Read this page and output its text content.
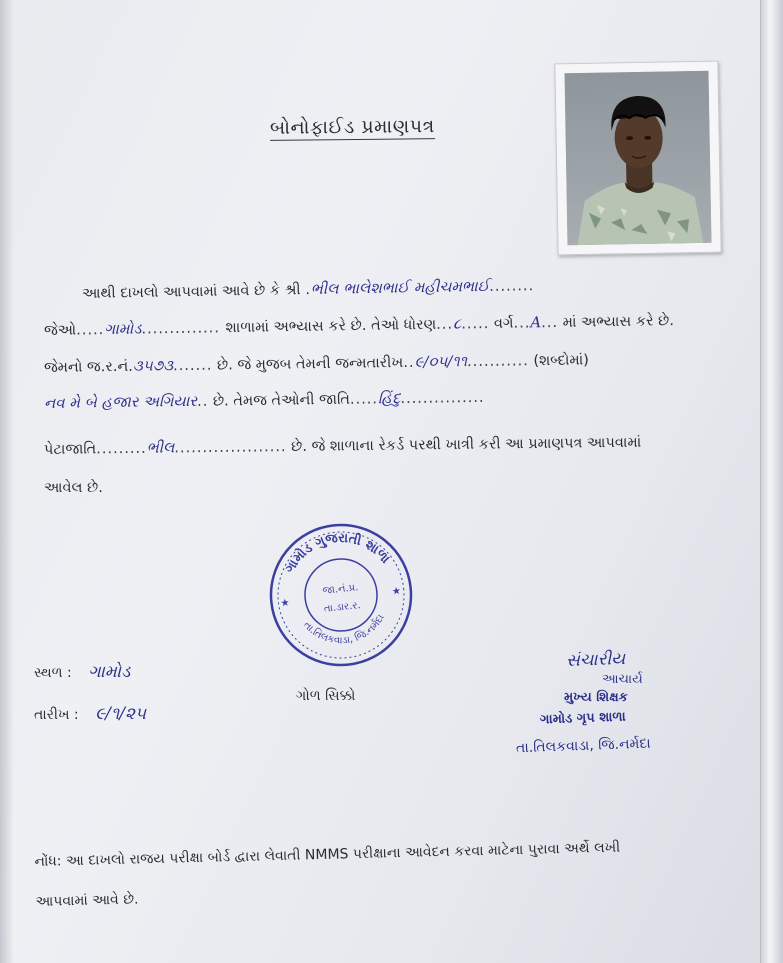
બોનોફાઈડ પ્રમાણપત્ર
આથી દાખલો આપવામાં આવે છે કે શ્રી .ભીલ ભાલેશભાઈ મહીચમભાઈ........
જેઓ.....ગામોડ.............. શાળામાં અભ્યાસ કરે છે. તેઓ ધોરણ...૮..... વર્ગ...A... માં અભ્યાસ કરે છે.
જેમનો જ.ર.નં.૩૫૭૩....... છે. જે મુજબ તેમની જન્મતારીખ..૯/૦૫/૧૧........... (શબ્દોમાં)
નવ મે બે હજાર અગિયાર.. છે. તેમજ તેઓની જાતિ.....હિંદુ...............
પેટાજાતિ.........ભીલ.................... છે. જે શાળાના રેકર્ડ પરથી ખાત્રી કરી આ પ્રમાણપત્ર આપવામાં
આવેલ છે.
ગામોડ ગુજરાતી શાળા
તા.તિલકવાડા, જિ.નર્મદા
જા.નં.પ્ર.
તા.ડાર.ર.
★
★
સ્થળ : ગામોડ
તારીખ : ૯/૧/૨૫
ગોળ સિક્કો
સંચારીય
આચાર્ય
મુખ્ય શિક્ષક
ગામોડ ગૃપ શાળા
તા.તિલકવાડા, જિ.નર્મદા
નોંધ: આ દાખલો રાજય પરીક્ષા બોર્ડ દ્વારા લેવાતી NMMS પરીક્ષાના આવેદન કરવા માટેના પુરાવા અર્થે લખી
આપવામાં આવે છે.
